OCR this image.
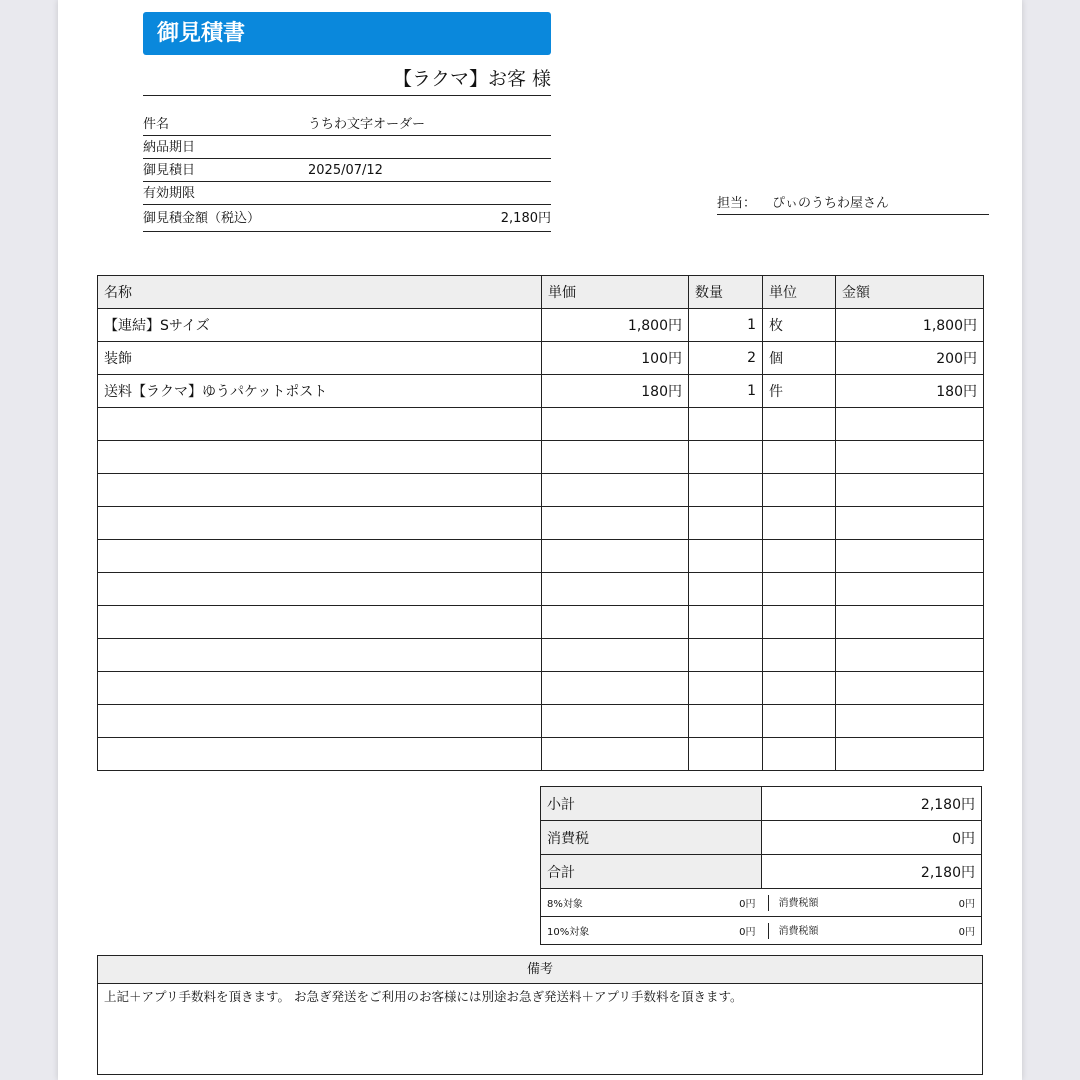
御見積書
【ラクマ】お客 様
件名	うちわ文字オーダー
納品期日
御見積日	2025/07/12
有効期限
御見積金額（税込）	2,180円
担当： ぴぃのうちわ屋さん
名称	単価	数量	単位	金額
【連結】Sサイズ	1,800円	1	枚	1,800円
装飾	100円	2	個	200円
送料【ラクマ】ゆうパケットポスト	180円	1	件	180円

小計		2,180円	
消費税		0円	
合計		2,180円	
8%対象	0円	消費税額	0円
10%対象	0円	消費税額	0円
備考
上記＋アプリ手数料を頂きます。 お急ぎ発送をご利用のお客様には別途お急ぎ発送料＋アプリ手数料を頂きます。
